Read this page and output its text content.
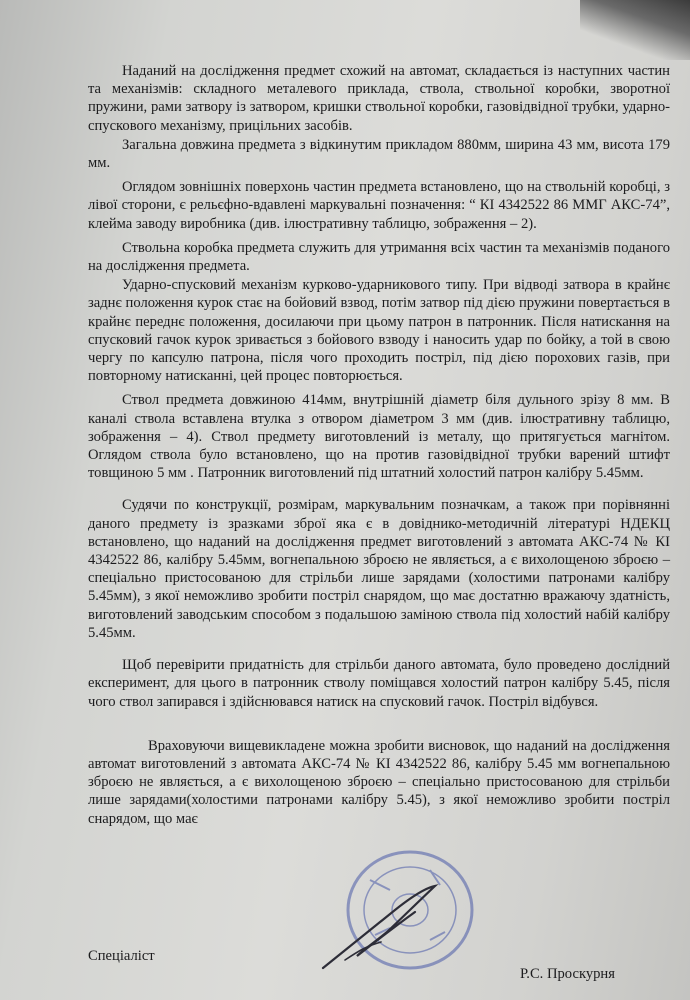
Наданий на дослідження предмет схожий на автомат, складається із наступних частин та механізмів: складного металевого приклада, ствола, ствольної коробки, зворотної пружини, рами затвору із затвором, кришки ствольної коробки, газовідвідної трубки, ударно-спускового механізму, прицільних засобів.

Загальна довжина предмета з відкинутим прикладом 880мм, ширина 43 мм, висота 179 мм.

Оглядом зовнішніх поверхонь частин предмета встановлено, що на ствольній коробці, з лівої сторони, є рельєфно-вдавлені маркувальні позначення: “ КІ 4342522 86 ММГ АКС-74”, клейма заводу виробника (див. ілюстративну таблицю, зображення – 2).

Ствольна коробка предмета служить для утримання всіх частин та механізмів поданого на дослідження предмета.

Ударно-спусковий механізм курково-ударникового типу. При відводі затвора в крайнє заднє положення курок стає на бойовий взвод, потім затвор під дією пружини повертається в крайнє переднє положення, досилаючи при цьому патрон в патронник. Після натискання на спусковий гачок курок зривається з бойового взводу і наносить удар по бойку, а той в свою чергу по капсулю патрона, після чого проходить постріл, під дією порохових газів, при повторному натисканні, цей процес повторюється.

Ствол предмета довжиною 414мм, внутрішній діаметр біля дульного зрізу 8 мм. В каналі ствола вставлена втулка з отвором діаметром 3 мм (див. ілюстративну таблицю, зображення – 4). Ствол предмету виготовлений із металу, що притягується магнітом. Оглядом ствола було встановлено, що на против газовідвідної трубки варений штифт товщиною 5 мм . Патронник виготовлений під штатний холостий патрон калібру 5.45мм.

Судячи по конструкції, розмірам, маркувальним позначкам, а також при порівнянні даного предмету із зразками зброї яка є в довіднико-методичній літературі НДЕКЦ встановлено, що наданий на дослідження предмет виготовлений з автомата АКС-74 № КІ 4342522 86, калібру 5.45мм, вогнепальною зброєю не являється, а є вихолощеною зброєю – спеціально пристосованою для стрільби лише зарядами (холостими патронами калібру 5.45мм), з якої неможливо зробити постріл снарядом, що має достатню вражаючу здатність, виготовлений заводським способом з подальшою заміною ствола під холостий набій калібру 5.45мм.

Щоб перевірити придатність для стрільби даного автомата, було проведено дослідний експеримент, для цього в патронник стволу поміщався холостий патрон калібру 5.45, після чого ствол запирався і здійснювався натиск на спусковий гачок. Постріл відбувся.

Враховуючи вищевикладене можна зробити висновок, що наданий на дослідження автомат виготовлений з автомата АКС-74 № КІ 4342522 86, калібру 5.45 мм вогнепальною зброєю не являється, а є вихолощеною зброєю – спеціально пристосованою для стрільби лише зарядами(холостими патронами калібру 5.45), з якої неможливо зробити постріл снарядом, що має

Спеціаліст
Р.С. Проскурня
